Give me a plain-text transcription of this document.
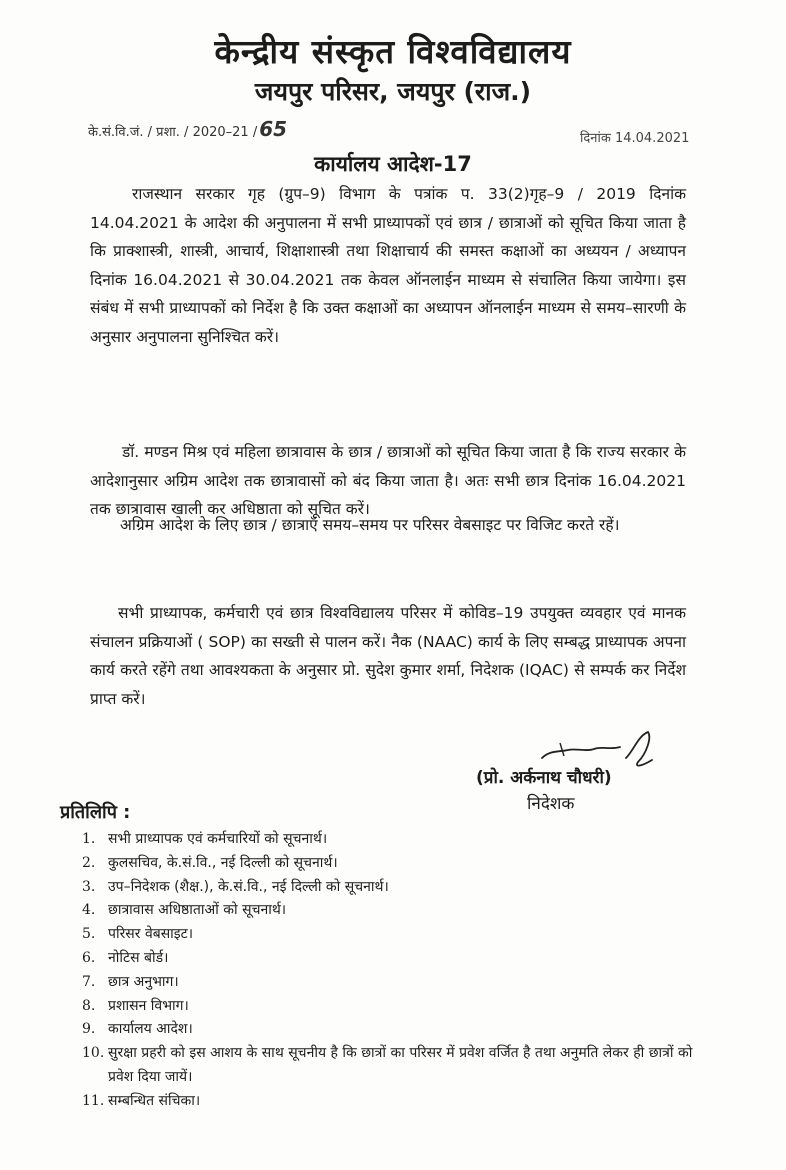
केन्द्रीय संस्कृत विश्वविद्यालय
जयपुर परिसर, जयपुर (राज.)
के.सं.वि.जं. / प्रशा. / 2020–21 / 65	दिनांक 14.04.2021
कार्यालय आदेश-17
राजस्थान सरकार गृह (ग्रुप–9) विभाग के पत्रांक प. 33(2)गृह–9 / 2019 दिनांक 14.04.2021 के आदेश की अनुपालना में सभी प्राध्यापकों एवं छात्र / छात्राओं को सूचित किया जाता है कि प्राक्शास्त्री, शास्त्री, आचार्य, शिक्षाशास्त्री तथा शिक्षाचार्य की समस्त कक्षाओं का अध्ययन / अध्यापन दिनांक 16.04.2021 से 30.04.2021 तक केवल ऑनलाईन माध्यम से संचालित किया जायेगा। इस संबंध में सभी प्राध्यापकों को निर्देश है कि उक्त कक्षाओं का अध्यापन ऑनलाईन माध्यम से समय–सारणी के अनुसार अनुपालना सुनिश्चित करें।
डॉ. मण्डन मिश्र एवं महिला छात्रावास के छात्र / छात्राओं को सूचित किया जाता है कि राज्य सरकार के आदेशानुसार अग्रिम आदेश तक छात्रावासों को बंद किया जाता है। अतः सभी छात्र दिनांक 16.04.2021 तक छात्रावास खाली कर अधिष्ठाता को सूचित करें।
अग्रिम आदेश के लिए छात्र / छात्राएँ समय–समय पर परिसर वेबसाइट पर विजिट करते रहें।
सभी प्राध्यापक, कर्मचारी एवं छात्र विश्वविद्यालय परिसर में कोविड–19 उपयुक्त व्यवहार एवं मानक संचालन प्रक्रियाओं ( SOP) का सख्ती से पालन करें। नैक (NAAC) कार्य के लिए सम्बद्ध प्राध्यापक अपना कार्य करते रहेंगे तथा आवश्यकता के अनुसार प्रो. सुदेश कुमार शर्मा, निदेशक (IQAC) से सम्पर्क कर निर्देश प्राप्त करें।
(प्रो. अर्कनाथ चौधरी)
निदेशक
प्रतिलिपि :
1. सभी प्राध्यापक एवं कर्मचारियों को सूचनार्थ।
2. कुलसचिव, के.सं.वि., नई दिल्ली को सूचनार्थ।
3. उप–निदेशक (शैक्ष.), के.सं.वि., नई दिल्ली को सूचनार्थ।
4. छात्रावास अधिष्ठाताओं को सूचनार्थ।
5. परिसर वेबसाइट।
6. नोटिस बोर्ड।
7. छात्र अनुभाग।
8. प्रशासन विभाग।
9. कार्यालय आदेश।
10. सुरक्षा प्रहरी को इस आशय के साथ सूचनीय है कि छात्रों का परिसर में प्रवेश वर्जित है तथा अनुमति लेकर ही छात्रों को प्रवेश दिया जायें।
11. सम्बन्धित संचिका।
